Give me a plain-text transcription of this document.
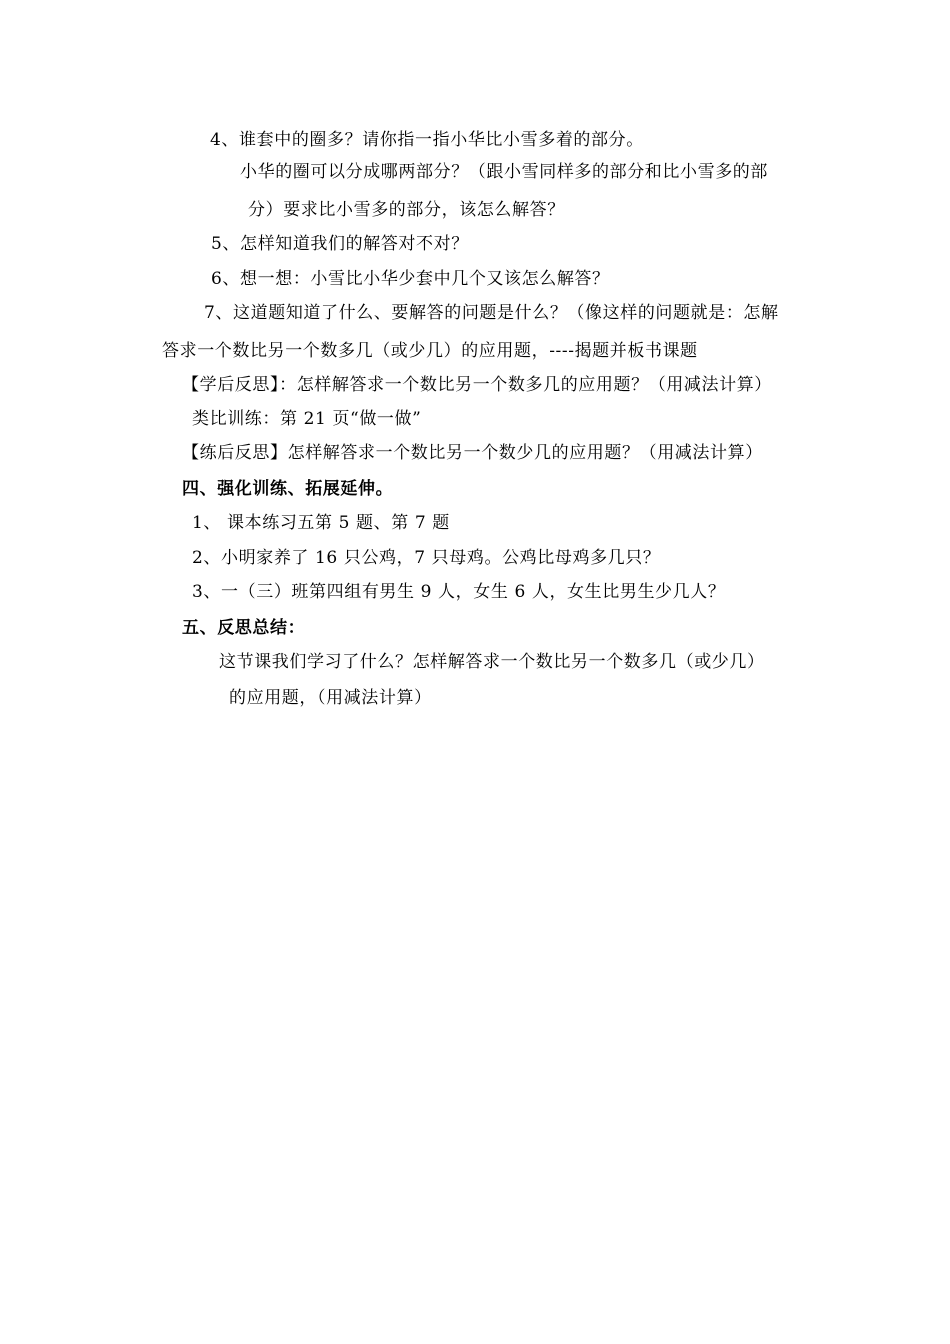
4、谁套中的圈多？请你指一指小华比小雪多着的部分。
小华的圈可以分成哪两部分？（跟小雪同样多的部分和比小雪多的部
分）要求比小雪多的部分，该怎么解答？
5、怎样知道我们的解答对不对？
6、想一想：小雪比小华少套中几个又该怎么解答？
7、这道题知道了什么、要解答的问题是什么？（像这样的问题就是：怎解
答求一个数比另一个数多几（或少几）的应用题，----揭题并板书课题
【学后反思】：怎样解答求一个数比另一个数多几的应用题？（用减法计算）
类比训练：第 21 页“做一做”
【练后反思】怎样解答求一个数比另一个数少几的应用题？（用减法计算）
四、强化训练、拓展延伸。
1、 课本练习五第 5 题、第 7 题
2、小明家养了 16 只公鸡，7 只母鸡。公鸡比母鸡多几只？
3、一（三）班第四组有男生 9 人，女生 6 人，女生比男生少几人？
五、反思总结：
这节课我们学习了什么？怎样解答求一个数比另一个数多几（或少几）
的应用题，（用减法计算）
